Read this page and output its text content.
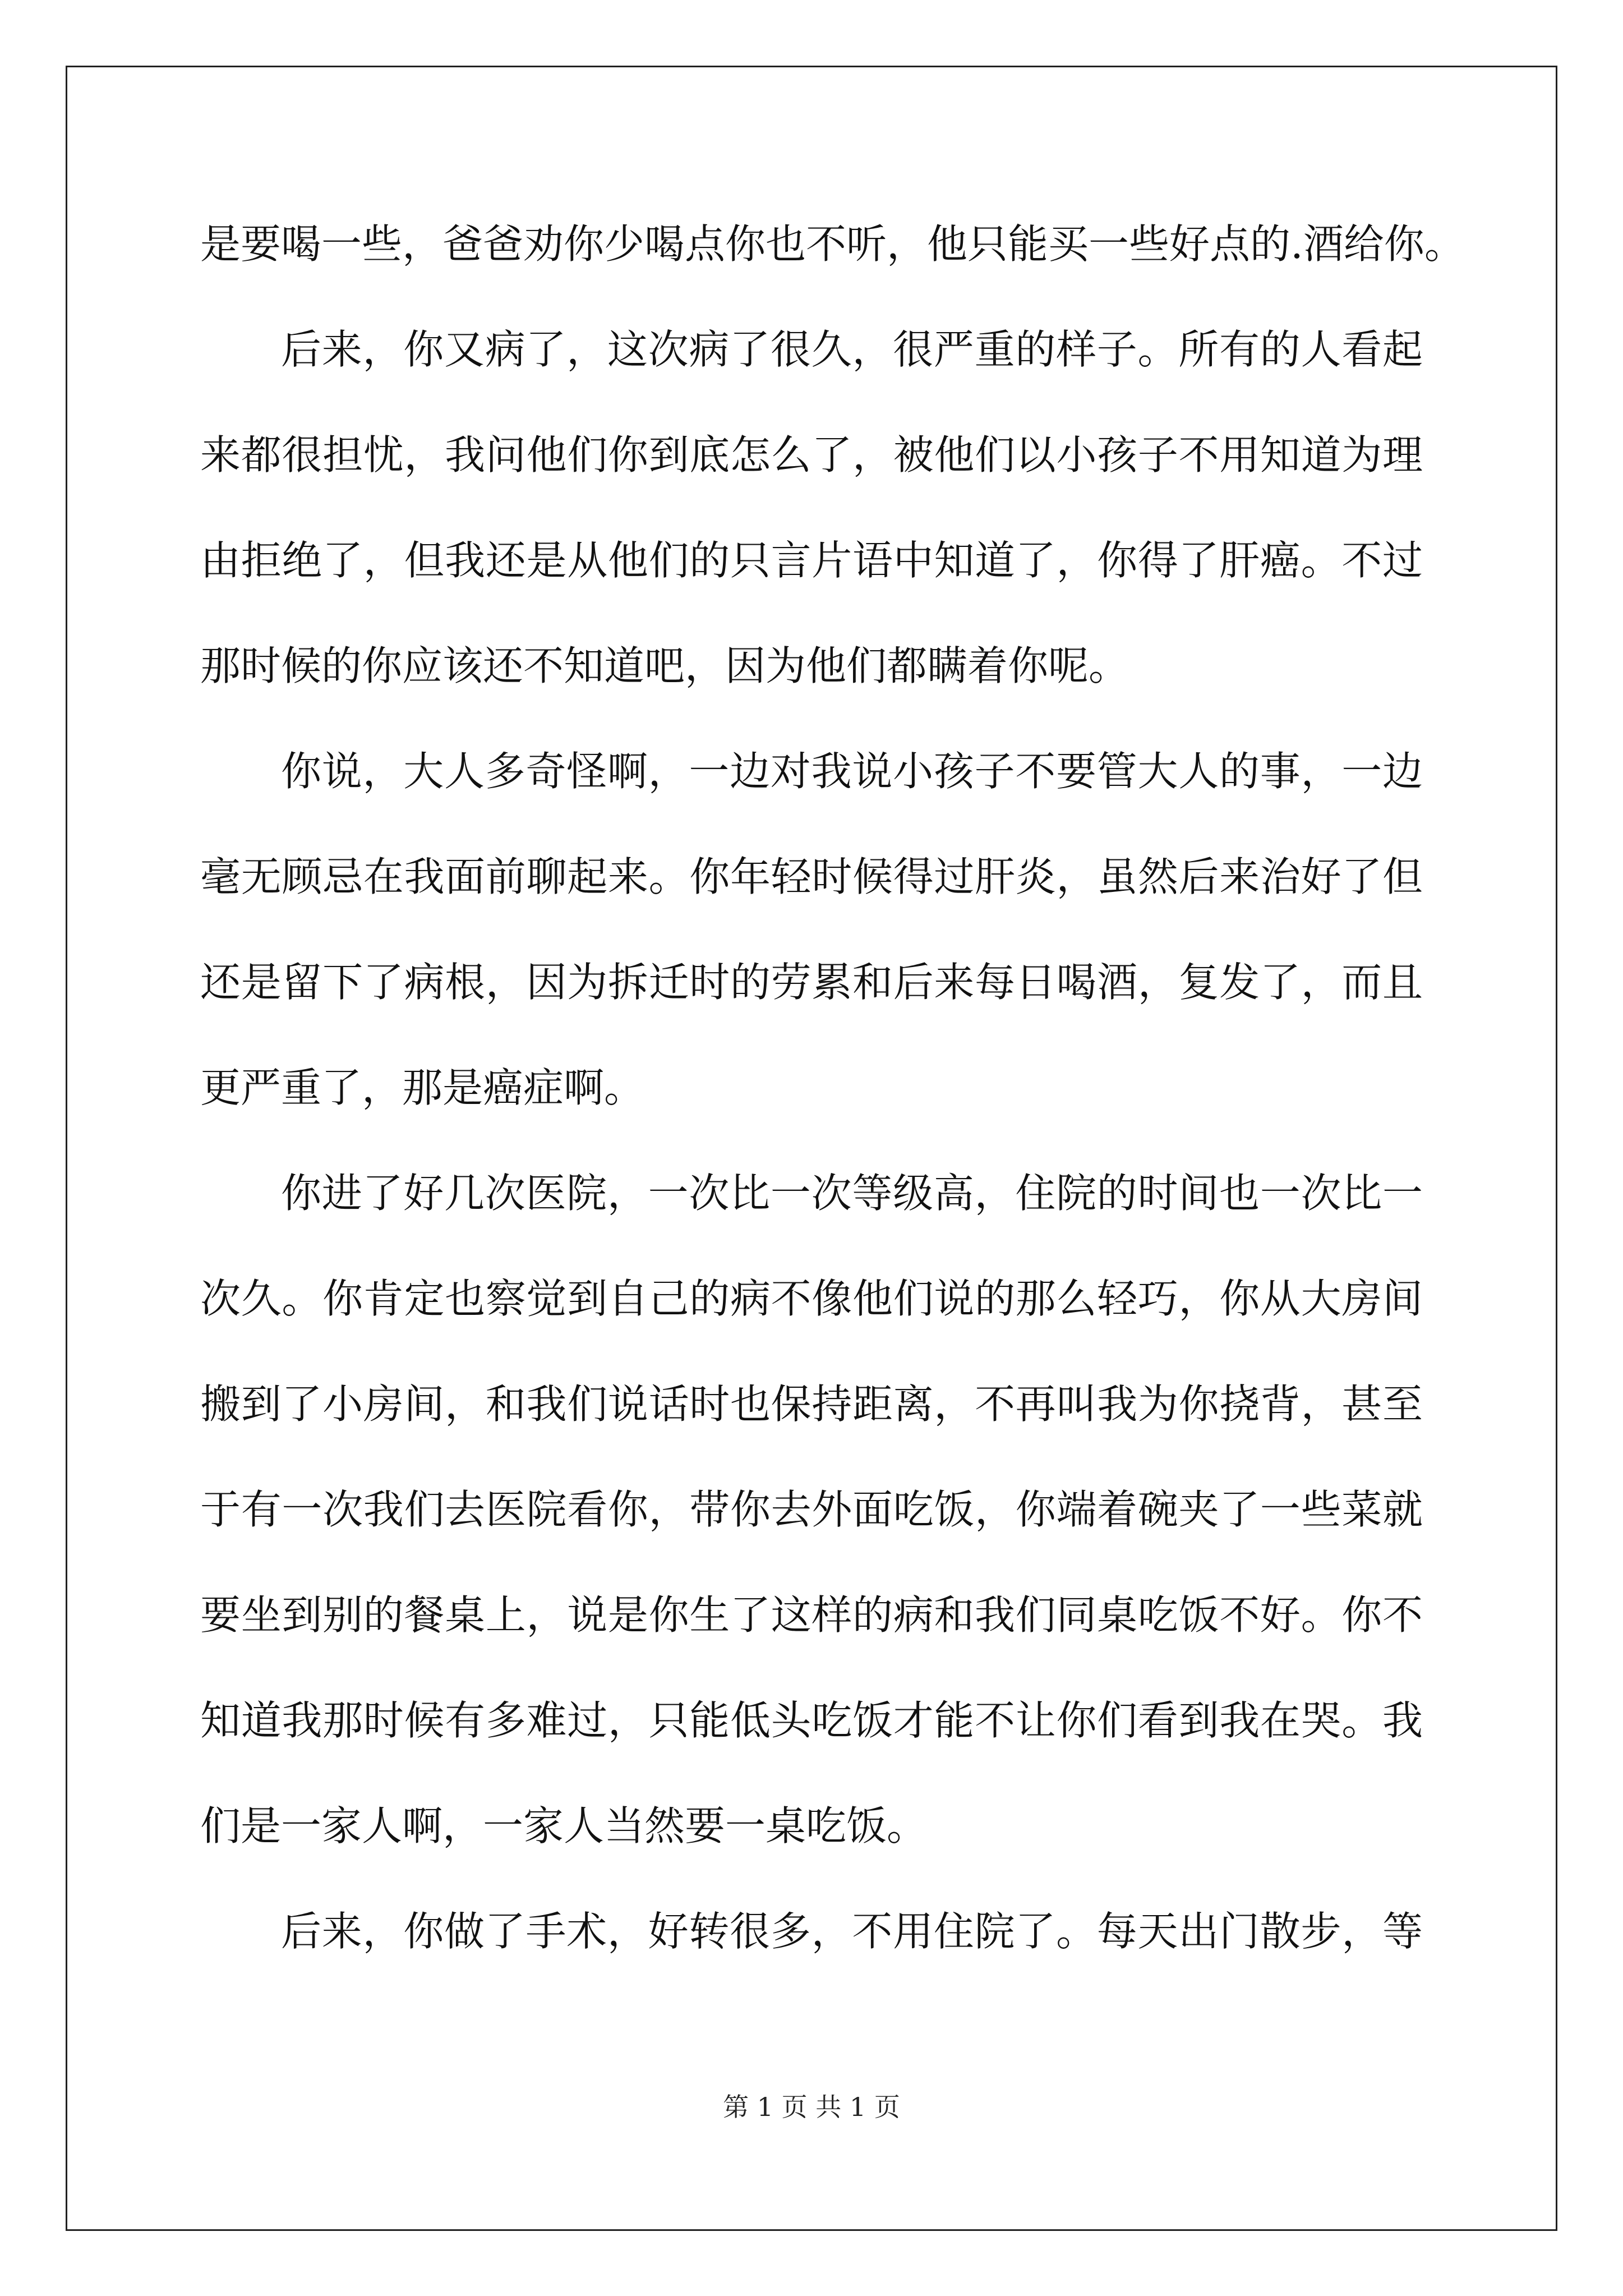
是要喝一些，爸爸劝你少喝点你也不听，他只能买一些好点的.酒给你。
后来，你又病了，这次病了很久，很严重的样子。所有的人看起
来都很担忧，我问他们你到底怎么了，被他们以小孩子不用知道为理
由拒绝了，但我还是从他们的只言片语中知道了，你得了肝癌。不过
那时候的你应该还不知道吧，因为他们都瞒着你呢。
你说，大人多奇怪啊，一边对我说小孩子不要管大人的事，一边
毫无顾忌在我面前聊起来。你年轻时候得过肝炎，虽然后来治好了但
还是留下了病根，因为拆迁时的劳累和后来每日喝酒，复发了，而且
更严重了，那是癌症啊。
你进了好几次医院，一次比一次等级高，住院的时间也一次比一
次久。你肯定也察觉到自己的病不像他们说的那么轻巧，你从大房间
搬到了小房间，和我们说话时也保持距离，不再叫我为你挠背，甚至
于有一次我们去医院看你，带你去外面吃饭，你端着碗夹了一些菜就
要坐到别的餐桌上，说是你生了这样的病和我们同桌吃饭不好。你不
知道我那时候有多难过，只能低头吃饭才能不让你们看到我在哭。我
们是一家人啊，一家人当然要一桌吃饭。
后来，你做了手术，好转很多，不用住院了。每天出门散步，等
第 1 页 共 1 页
